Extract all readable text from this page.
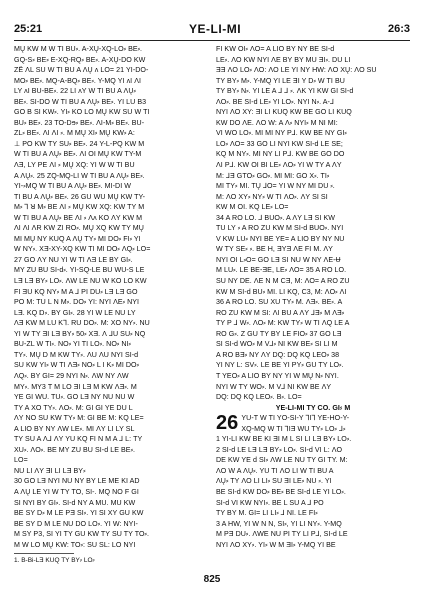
25:21	YE-LI-MI	26:3

MŲ KW M W TI BU⸗. A-XŲ-XQ-LO⸗ BE⸗.

GQ-S⸗ BE⸗ E-XQ-RQ⸗ BE⸗. A-XŲ-DO KW

ZË ɅL SU W TI BU A ɅŲ ʌ LO= 21 YI-DO-

MO⸗ BE⸗. MQ-A-BQ⸗ BE⸗. Y-MQ YI ʌI ɅI

LY ʌI BU-BE⸗. 22 LI ʌY W TI BU A ɅŲ⸗

BE⸗. SI-DO W TI BU A ɅŲ⸗ BE⸗. YI LU B3

GO B SI KW⸗. YI⸗ KO LO MŲ KW SU W TI

BU⸗ BE⸗. 23 TO-Dɘ⸗ BE⸗. ɅI-M⸗ BE⸗. BU-

ZL⸗ BE⸗. ɅI ɅI ⸗. M MŲ XI⸗ MŲ KW⸗ A:

⊥ PO KW TY SU⸗ BE⸗. 24 Y-L-PQ KW M

W TI BU A ɅŲ⸗ BE⸗. ɅI OI MŲ KW TY-M

ɅƎ, LY PE ɅI ⸗ MŲ XQ: YI W W TI BU

A ɅŲ⸗. 25 ZQ-MQ-LI W TI BU A ɅŲ⸗ BE⸗.

YI-⸗MQ W TI BU A ɅŲ⸗ BE⸗. MI-DI W

TI BU A ɅŲ⸗ BE⸗. 26 GU WU MŲ KW TY-

M⸗ ⅂ ꓤ M⸗ BE ɅI ⸗ MŲ KW XQ: KW TY M

W TI BU A ɅŲ⸗ BE ɅI ⸗ Ʌʌ KO ɅY KW M

ɅI ɅI ɅR KW ZI RO⸗. MŲ XQ KW TY MŲ

MI MŲ NY KUQ A ɅŲ TY⸗ MI DO⸗ FI⸗ YI

W NY⸗. XƎ-XY-XQ KW TI MI DO⸗ ɅQ⸗ LO=

27 GO ɅY NU YI W TI ɅƎ LE BY GI⸗.

MY ZU BU SI-d⸗. YI-SQ-LE BU WU-S LE

LƎ LƎ BY⸗ LO⸗. ɅW LE NU W KO LO KW

FI ƎU KQ NY⸗ M A ⅃ PI DU⸗ LƎ LƎ GO

PO M: TU L N M⸗. DO⸗ YI: NYI ɅE⸗ NYI

LƎ. KQ Ɒ⸗. BY GI⸗. 28 YI W LE NU LY

ɅƎ KW M LU K⅂. RU DO⸗. M: XO NY⸗. NU

YI W TY ƎI LƎ BY⸗ 50⸗ XƎ. Ʌ ⅃U SU⸗ NQ

BU-ZL W TI⸗. NO⸗ YI TI LO⸗. NO⸗ NI⸗

TY⸗. MŲ D M KW TY⸗. ɅU ɅU NYI SI-d

SU KW YI⸗ W TI ɅƎ⸗ NO⸗ L I K⸗ MI DO⸗

ɅQ⸗. BY GI= 29 NYI N⸗. ɅW NY ɅW

MY⸗. MY3 T M LO ƎI LƎ M KW ɅƎ⸗. M

YE GI WU. TU⸗. GO LƎ NY NU NU W

TY A XO TY⸗. ɅO⸗. M: GI GI YE DU L

ɅY NO SU KW TY⸗ M: GI BE M: KQ LE=

A LIO BY NY ɅW LE⸗. MI ɅY LI LY SL

TY SU A Ʌ⅃ ɅY YU KQ FI N M A ⅃ L: TY

XU⸗. ɅO⸗. BE MY ZU BU SI-d LE BE⸗.

LO=

NU LI ɅY ƎI LI LƎ BY⸗

30 GO LƎ NYI NU NY BY LE ME KI AD

A ɅŲ LE YI W TY TO, SI-. MQ NO F GI

SI NYI BY GI⸗. SI-d NY A MU. MU KW

BE SY D⸗ M LE PƎ SI⸗. YI SI XY GU KW

BE SY D M LE NU DO LO⸗. YI W: NYI-

M SY P3, SI YI TY GU KW TY SU TY TO⸗.

M W LO MŲ KW: TO⸗: SU SL: LO NYI

FI KW OI⸗ ɅO= A LIO BY NY BE SI-d

LE⸗. ɅO KW NYI ɅE BY BY MU ƎI⸗. DU LI

ƎƎ ɅO LO⸗ ɅO: ɅO LE YI NY HW: ɅO XŲ: ɅO SU

TY BY⸗ M⸗. Y-MQ YI LE ƎI Y D⸗ W TI BU

TY BY⸗ N⸗. YI LE A ⅃ ⅃ ⸗. ɅK YI KW GI SI-d

ɅO⸗. BE SI-d LE⸗ YI LO⸗. NYI N⸗. A-⅃

NYI ɅO XY: ƎI LI KUQ KW BE GO LI KUQ

KW DO ɅE. ɅO W: A Ʌ⸗ NYI⸗ M NI MI:

VI WO LO⸗. MI MI NY P⅃. KW BE NY GI⸗

LO⸗ ɅO= 33 GO LI NYI KW SI-d LE SE;

KQ M NY⸗. MI NY LI P⅃. KW BE GO DO

ɅI P⅃. KW OI BI LE⸗ ɅO⸗ YI W TY A ɅY

M: ⅃Ǝ GTO⸗ GO⸗. MI MI: GO X⸗. TI⸗

MI TY⸗ MI. TŲ ⅃O= YI W NY MI DU ⸗.

M: ɅO XY⸗ NY⸗ W TI ɅO⸗. ɅY SI SI

KW M OI. KQ LE⸗ LO=

34 A RO LO. ⅃ BUO⸗. A ɅY LƎ SI KW

TU LY ⸗ A RO ZU KW M SI-d BUO⸗. NYI

V KW LU⸗ NYI BE YE= A LIO BY NY NU

W TY SE⸗ ⸗. BE H, ƎYƎ ɅE FI M. ɅY

NYI OI L⸗O= GO LƎ SI NU W NY ɅE-Ʉ

M LU⸗. LE BE-ƎE, LE⸗ ɅO= 35 A RO LO.

SU NY DE. ɅE N M CƎ, M: ɅO= A RO ZU

KW M SI-d BU⸗ MI. LI KQ, C3, M: ɅO⸗ ɅI

36 A RO LO. SU XU TY⸗ M. ɅƎ⸗. BE⸗. A

RO ZU KW M SI: ɅI BU A ɅY ⅃Ǝ⸗ M ɅƎ⸗

TY P ⅃ W⸗. ɅO⸗ M: KW TY⸗ W TI ɅQ LE A

RO G⸗. Z GU TY BY LE FIO⸗ 37 GO LƎ

SI SI-d WO⸗ M V⅃⸗ NI KW BE⸗ SI LI M

A RO BƎ⸗ NY ɅY DQ: DQ KQ LEO⸗ 38

YI NY L: SV⸗. LE BE YI PY⸗ GU TY LO⸗.

T YEO⸗ A LIO BY NY YI W MŲ N⸗ NYI.

NYI W TY WO⸗. M V⅃ NI KW BE ɅY

DQ: DQ KQ LEO⸗. B⸗. LO=

YE-LI-MI TY CO. GI⸗ M

26 YU-T W TI YO-SI-Y ⅂I⅂ YE-HO-Y-

XQ-MQ W TI ⅂IƎ WU TY⸗ LO⸗ ⅃⸗

1 YI-LI KW BE KI ƎI M L SI LI LƎ BY⸗ LO⸗.

2 SI-d LE LƎ LƎ BY⸗ LO⸗. SI-d VI L: ɅO

DE KW YE d SI⸗ ɅW LE NU TY GI TY. M:

ɅO W A ɅŲ⸗. YU TI ɅO LI W TI BU A

ɅŲ⸗ TY ɅO LI LI⸗ SU ƎI LE⸗ NU ⸗. YI

BE SI-d KW DO⸗ BE⸗ BE SI-d LE YI LO⸗.

SI-d VI KW NYI⸗. BE L SU A ⅃ PO

TY BY M. GI= LI LI⸗ ⅃ NI. LE FI⸗

3 A HW, YI W N N, SI⸗, YI LI NY⸗. Y-MQ

M PƎ DU⸗. ɅWE NU PI TY LI P⅃, SI-d LE

NYI ɅO XY⸗. YI⸗ W M ƎI⸗ Y-MQ YI BE

1. B-Bi-LƎ KUQ TY BY⸗ LO⸗
825
